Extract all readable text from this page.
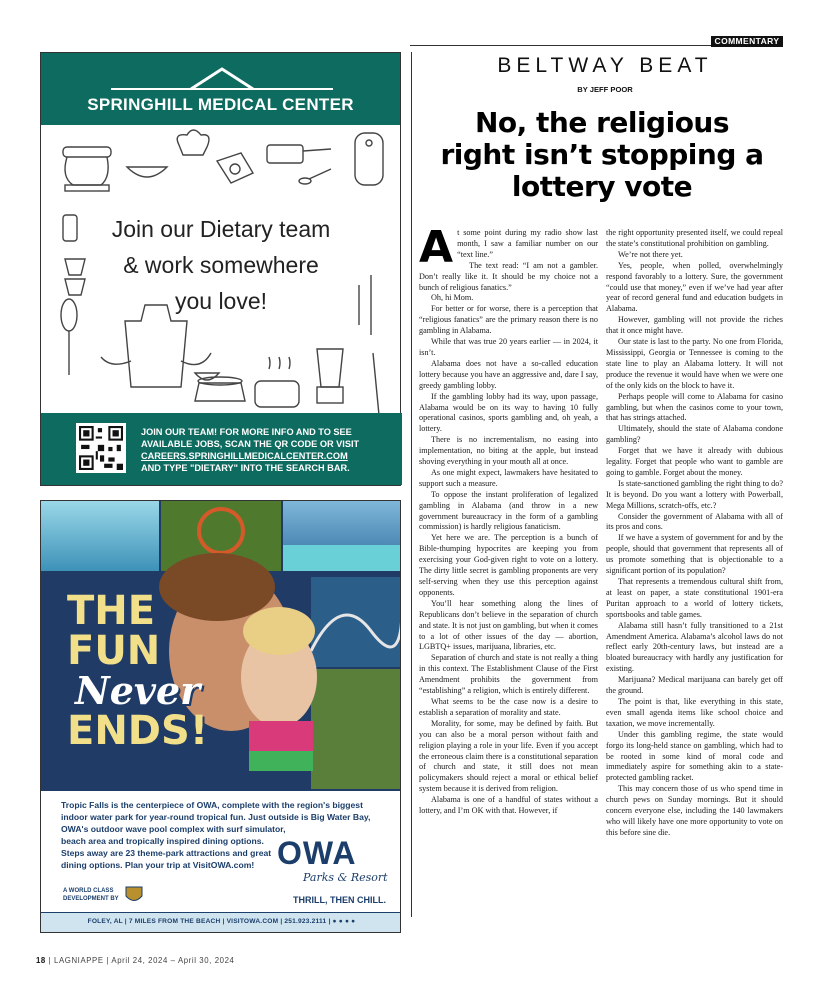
SPRINGHILL MEDICAL CENTER
Join our Dietary team
& work somewhere
you love!
JOIN OUR TEAM! FOR MORE INFO AND TO SEE
AVAILABLE JOBS, SCAN THE QR CODE OR VISIT
CAREERS.SPRINGHILLMEDICALCENTER.COM
AND TYPE "DIETARY" INTO THE SEARCH BAR.
THE
FUN
Never
ENDS!
Tropic Falls is the centerpiece of OWA, complete with the region's biggest
indoor water park for year-round tropical fun. Just outside is Big Water Bay,
OWA's outdoor wave pool complex with surf simulator,
beach area and tropically inspired dining options.
Steps away are 23 theme-park attractions and great
dining options. Plan your trip at VisitOWA.com! OWA
Parks & Resort
A WORLD CLASS DEVELOPMENT BY	THRILL, THEN CHILL.
FOLEY, AL | 7 MILES FROM THE BEACH | VISITOWA.COM | 251.923.2111 | ● ● ● ●
COMMENTARY
BELTWAY BEAT
BY JEFF POOR
No, the religious
right isn’t stopping a
lottery vote
A t some point during my radio show last month, I saw a familiar number on our “text line.”

The text read: “I am not a gambler. Don’t really like it. It should be my choice not a bunch of religious fanatics.”

Oh, hi Mom.

For better or for worse, there is a perception that “religious fanatics” are the primary reason there is no gambling in Alabama.

While that was true 20 years earlier — in 2024, it isn’t.

Alabama does not have a so-called education lottery because you have an aggressive and, dare I say, greedy gambling lobby.

If the gambling lobby had its way, upon passage, Alabama would be on its way to having 10 fully operational casinos, sports gambling and, oh yeah, a lottery.

There is no incrementalism, no easing into implementation, no biting at the apple, but instead shoving everything in your mouth all at once.

As one might expect, lawmakers have hesitated to support such a measure.

To oppose the instant proliferation of legalized gambling in Alabama (and throw in a new government bureaucracy in the form of a gambling commission) is hardly religious fanaticism.

Yet here we are. The perception is a bunch of Bible-thumping hypocrites are keeping you from exercising your God-given right to vote on a lottery. The dirty little secret is gambling proponents are very self-serving when they use this perception against opponents.

You’ll hear something along the lines of Republicans don’t believe in the separation of church and state. It is not just on gambling, but when it comes to a lot of other issues of the day — abortion, LGBTQ+ issues, marijuana, libraries, etc.

Separation of church and state is not really a thing in this context. The Establishment Clause of the First Amendment prohibits the government from “establishing” a religion, which is entirely different.

What seems to be the case now is a desire to establish a separation of morality and state.

Morality, for some, may be defined by faith. But you can also be a moral person without faith and religion playing a role in your life. Even if you accept the erroneous claim there is a constitutional separation of church and state, it still does not mean policymakers should reject a moral or ethical belief system because it is derived from religion.

Alabama is one of a handful of states without a lottery, and I’m OK with that. However, if

the right opportunity presented itself, we could repeal the state’s constitutional prohibition on gambling.

We’re not there yet.

Yes, people, when polled, overwhelmingly respond favorably to a lottery. Sure, the government “could use that money,” even if we’ve had year after year of record general fund and education budgets in Alabama.

However, gambling will not provide the riches that it once might have.

Our state is last to the party. No one from Florida, Mississippi, Georgia or Tennessee is coming to the state line to play an Alabama lottery. It will not produce the revenue it would have when we were one of the only kids on the block to have it.

Perhaps people will come to Alabama for casino gambling, but when the casinos come to your town, that has strings attached.

Ultimately, should the state of Alabama condone gambling?

Forget that we have it already with dubious legality. Forget that people who want to gamble are going to gamble. Forget about the money.

Is state-sanctioned gambling the right thing to do? It is beyond. Do you want a lottery with Powerball, Mega Millions, scratch-offs, etc.?

Consider the government of Alabama with all of its pros and cons.

If we have a system of government for and by the people, should that government that represents all of us promote something that is objectionable to a significant portion of its population?

That represents a tremendous cultural shift from, at least on paper, a state constitutional 1901-era Puritan approach to a world of lottery tickets, sportsbooks and table games.

Alabama still hasn’t fully transitioned to a 21st Amendment America. Alabama’s alcohol laws do not reflect early 20th-century laws, but instead are a bloated bureaucracy with hardly any justification for existing.

Marijuana? Medical marijuana can barely get off the ground.

The point is that, like everything in this state, even small agenda items like school choice and taxation, we move incrementally.

Under this gambling regime, the state would forgo its long-held stance on gambling, which had to be rooted in some kind of moral code and immediately aspire for something akin to a state-protected gambling racket.

This may concern those of us who spend time in church pews on Sunday mornings. But it should concern everyone else, including the 140 lawmakers who will likely have one more opportunity to vote on this before sine die.

18 | LAGNIAPPE | April 24, 2024 – April 30, 2024
